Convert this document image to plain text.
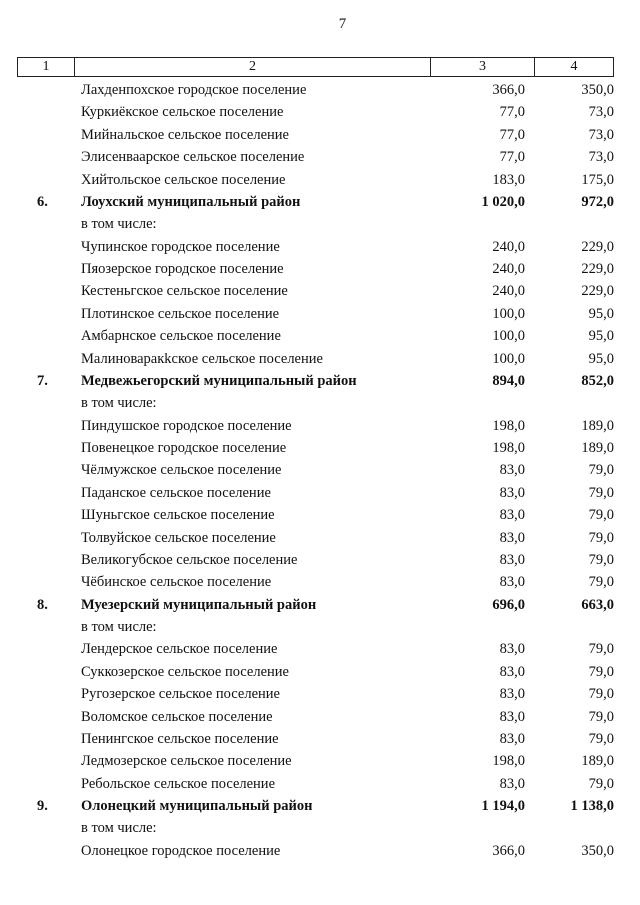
7
1	2	3	4
Лахденпохское городское поселение	366,0	350,0
Куркиёкское сельское поселение	77,0	73,0
Мийнальское сельское поселение	77,0	73,0
Элисенваарское сельское поселение	77,0	73,0
Хийтольское сельское поселение	183,0	175,0
6. Лоухский муниципальный район	1 020,0	972,0
в том числе:
Чупинское городское поселение	240,0	229,0
Пяозерское городское поселение	240,0	229,0
Кестеньгское сельское поселение	240,0	229,0
Плотинское сельское поселение	100,0	95,0
Амбарнское сельское поселение	100,0	95,0
Малиноваракkское сельское поселение	100,0	95,0
7. Медвежьегорский муниципальный район	894,0	852,0
в том числе:
Пиндушское городское поселение	198,0	189,0
Повенецкое городское поселение	198,0	189,0
Чёлмужское сельское поселение	83,0	79,0
Паданское сельское поселение	83,0	79,0
Шуньгское сельское поселение	83,0	79,0
Толвуйское сельское поселение	83,0	79,0
Великогубское сельское поселение	83,0	79,0
Чёбинское сельское поселение	83,0	79,0
8. Муезерский муниципальный район	696,0	663,0
в том числе:
Лендерское сельское поселение	83,0	79,0
Суккозерское сельское поселение	83,0	79,0
Ругозерское сельское поселение	83,0	79,0
Воломское сельское поселение	83,0	79,0
Пенингское сельское поселение	83,0	79,0
Ледмозерское сельское поселение	198,0	189,0
Ребольское сельское поселение	83,0	79,0
9. Олонецкий муниципальный район	1 194,0	1 138,0
в том числе:
Олонецкое городское поселение	366,0	350,0
